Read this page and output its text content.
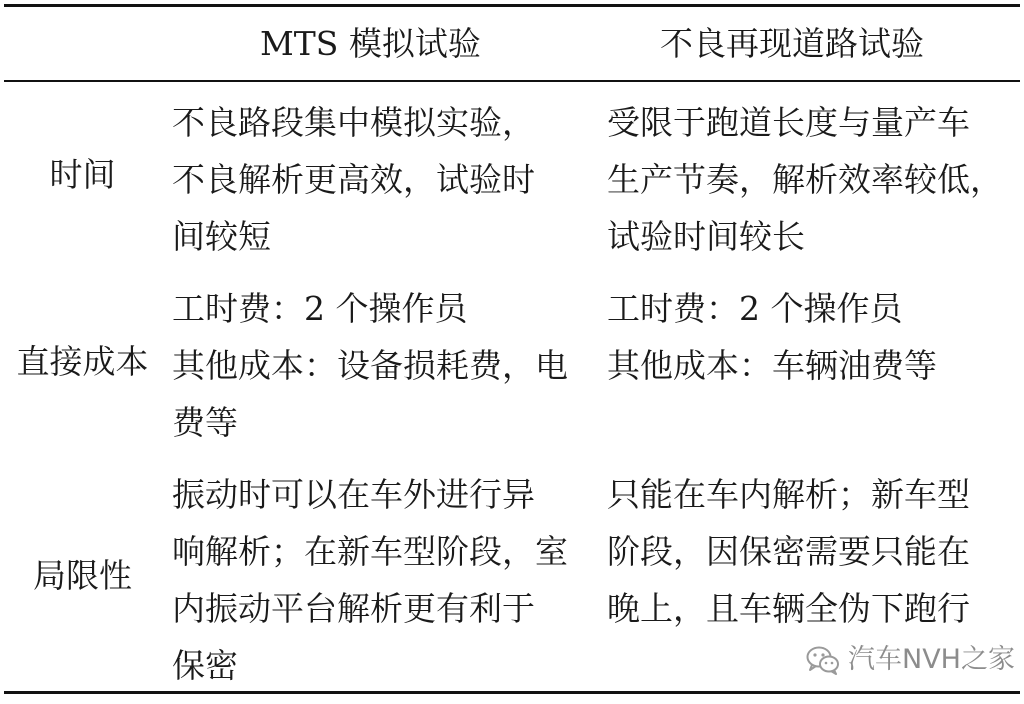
MTS 模拟试验	不良再现道路试验
时间
不良路段集中模拟实验，
不良解析更高效，试验时
间较短
受限于跑道长度与量产车
生产节奏，解析效率较低，
试验时间较长
直接成本
工时费：2 个操作员
其他成本：设备损耗费，电
费等
工时费：2 个操作员
其他成本：车辆油费等
局限性
振动时可以在车外进行异
响解析；在新车型阶段，室
内振动平台解析更有利于
保密
只能在车内解析；新车型
阶段，因保密需要只能在
晚上，且车辆全伪下跑行
汽车NVH之家
